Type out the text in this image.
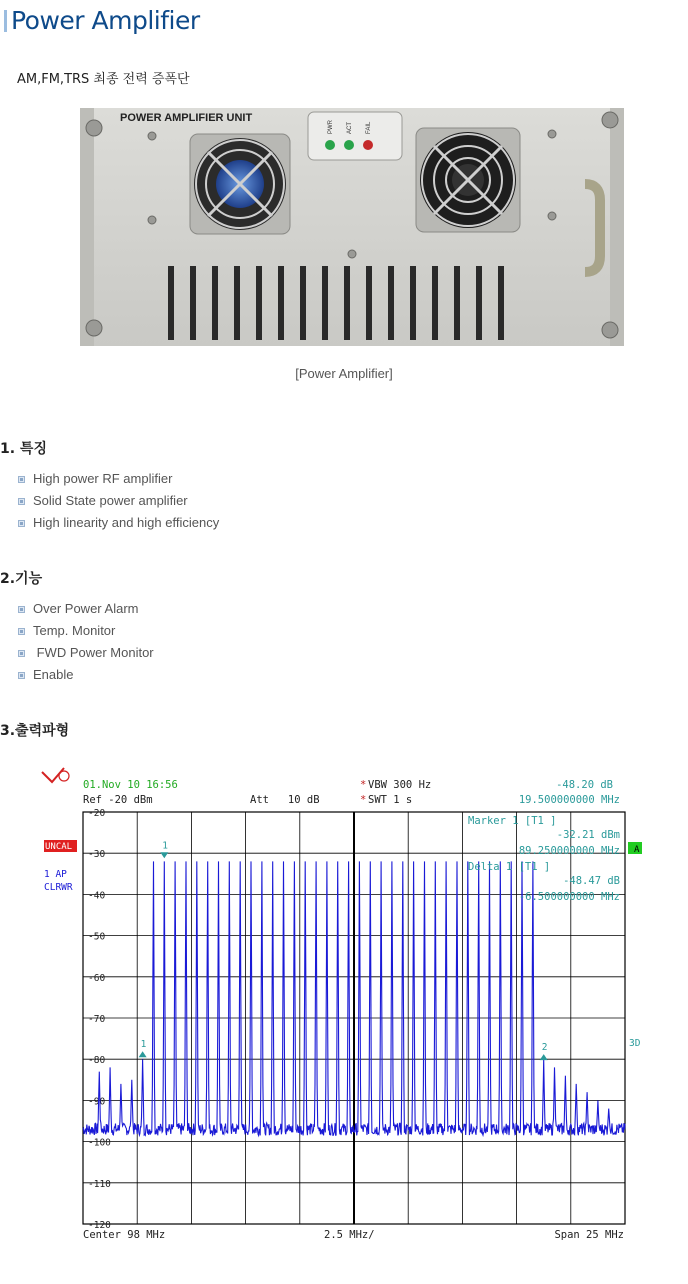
Power Amplifier
AM,FM,TRS 최종 전력 증폭단
POWER AMPLIFIER UNIT
PWR ACT FAIL
[Power Amplifier]
1. 특징
High power RF amplifier
Solid State power amplifier
High linearity and high efficiency
2.기능
Over Power Alarm
Temp. Monitor
FWD Power Monitor
Enable
3.출력파형
01.Nov 10 16:56
Ref -20 dBm	Att   10 dB
* VBW 300 Hz
* SWT 1 s
-48.20 dB
19.500000000 MHz
UNCAL
1 AP
CLRWR
A
3D
Center 98 MHz	2.5 MHz/	Span 25 MHz
-20
-30
-40
-50
-60
-70
-80
-90
-100
-110
-120
1
1	2
Marker 1 [T1 ]
-32.21 dBm
89.250000000 MHz
Delta 1 [T1 ]
-48.47 dB
-6.500000000 MHz
